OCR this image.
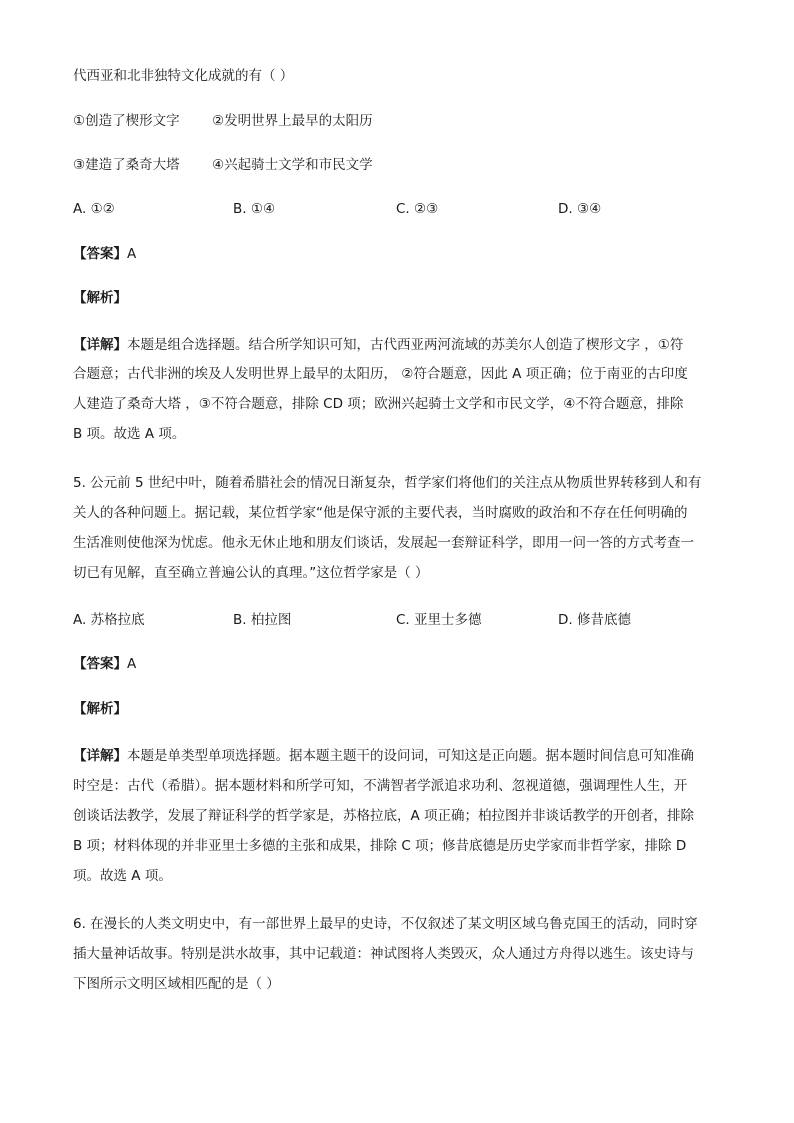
代西亚和北非独特文化成就的有（ ）
①创造了楔形文字 ②发明世界上最早的太阳历
③建造了桑奇大塔 ④兴起骑士文学和市民文学
A. ①②	B. ①④	C. ②③	D. ③④
【答案】A
【解析】
【详解】本题是组合选择题。结合所学知识可知，古代西亚两河流域的苏美尔人创造了楔形文字 ，①符
合题意；古代非洲的埃及人发明世界上最早的太阳历， ②符合题意，因此 A 项正确；位于南亚的古印度
人建造了桑奇大塔 ，③不符合题意，排除 CD 项；欧洲兴起骑士文学和市民文学，④不符合题意，排除
B 项。故选 A 项。
5. 公元前 5 世纪中叶，随着希腊社会的情况日渐复杂，哲学家们将他们的关注点从物质世界转移到人和有
关人的各种问题上。据记载，某位哲学家“他是保守派的主要代表，当时腐败的政治和不存在任何明确的
生活准则使他深为忧虑。他永无休止地和朋友们谈话，发展起一套辩证科学，即用一问一答的方式考查一
切已有见解，直至确立普遍公认的真理。”这位哲学家是（ ）
A. 苏格拉底	B. 柏拉图	C. 亚里士多德	D. 修昔底德
【答案】A
【解析】
【详解】本题是单类型单项选择题。据本题主题干的设问词，可知这是正向题。据本题时间信息可知准确
时空是：古代（希腊）。据本题材料和所学可知，不满智者学派追求功利、忽视道德，强调理性人生，开
创谈话法教学，发展了辩证科学的哲学家是，苏格拉底，A 项正确；柏拉图并非谈话教学的开创者，排除
B 项；材料体现的并非亚里士多德的主张和成果，排除 C 项；修昔底德是历史学家而非哲学家，排除 D
项。故选 A 项。
6. 在漫长的人类文明史中，有一部世界上最早的史诗，不仅叙述了某文明区域乌鲁克国王的活动，同时穿
插大量神话故事。特别是洪水故事，其中记载道：神试图将人类毁灭，众人通过方舟得以逃生。该史诗与
下图所示文明区域相匹配的是（ ）
